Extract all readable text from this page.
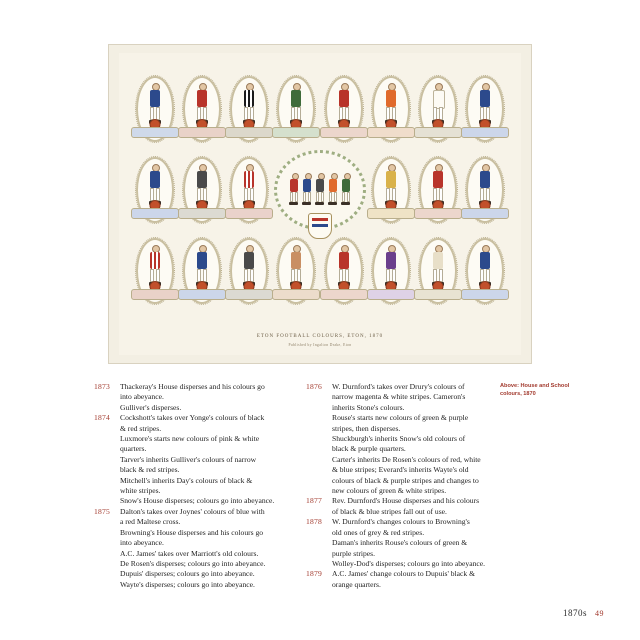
ETON FOOTBALL COLOURS, ETON, 1870
Published by Ingalton Drake, Eton
1873	Thackeray's House disperses and his colours go
into abeyance.
Gulliver's disperses.
1874	Cockshott's takes over Yonge's colours of black
& red stripes.
Luxmore's starts new colours of pink & white
quarters.
Tarver's inherits Gulliver's colours of narrow
black & red stripes.
Mitchell's inherits Day's colours of black &
white stripes.
Snow's House disperses; colours go into abeyance.
1875	Dalton's takes over Joynes' colours of blue with
a red Maltese cross.
Browning's House disperses and his colours go
into abeyance.
A.C. James' takes over Marriott's old colours.
De Rosen's disperses; colours go into abeyance.
Dupuis' disperses; colours go into abeyance.
Wayte's disperses; colours go into abeyance.
1876	W. Durnford's takes over Drury's colours of
narrow magenta & white stripes. Cameron's
inherits Stone's colours.
Rouse's starts new colours of green & purple
stripes, then disperses.
Shuckburgh's inherits Snow's old colours of
black & purple quarters.
Carter's inherits De Rosen's colours of red, white
& blue stripes; Everard's inherits Wayte's old
colours of black & purple stripes and changes to
new colours of green & white stripes.
1877	Rev. Durnford's House disperses and his colours
of black & blue stripes fall out of use.
1878	W. Durnford's changes colours to Browning's
old ones of grey & red stripes.
Daman's inherits Rouse's colours of green &
purple stripes.
Wolley-Dod's disperses; colours go into abeyance.
1879	A.C. James' change colours to Dupuis' black &
orange quarters.
Above: House and School colours, 1870
1870s 49
